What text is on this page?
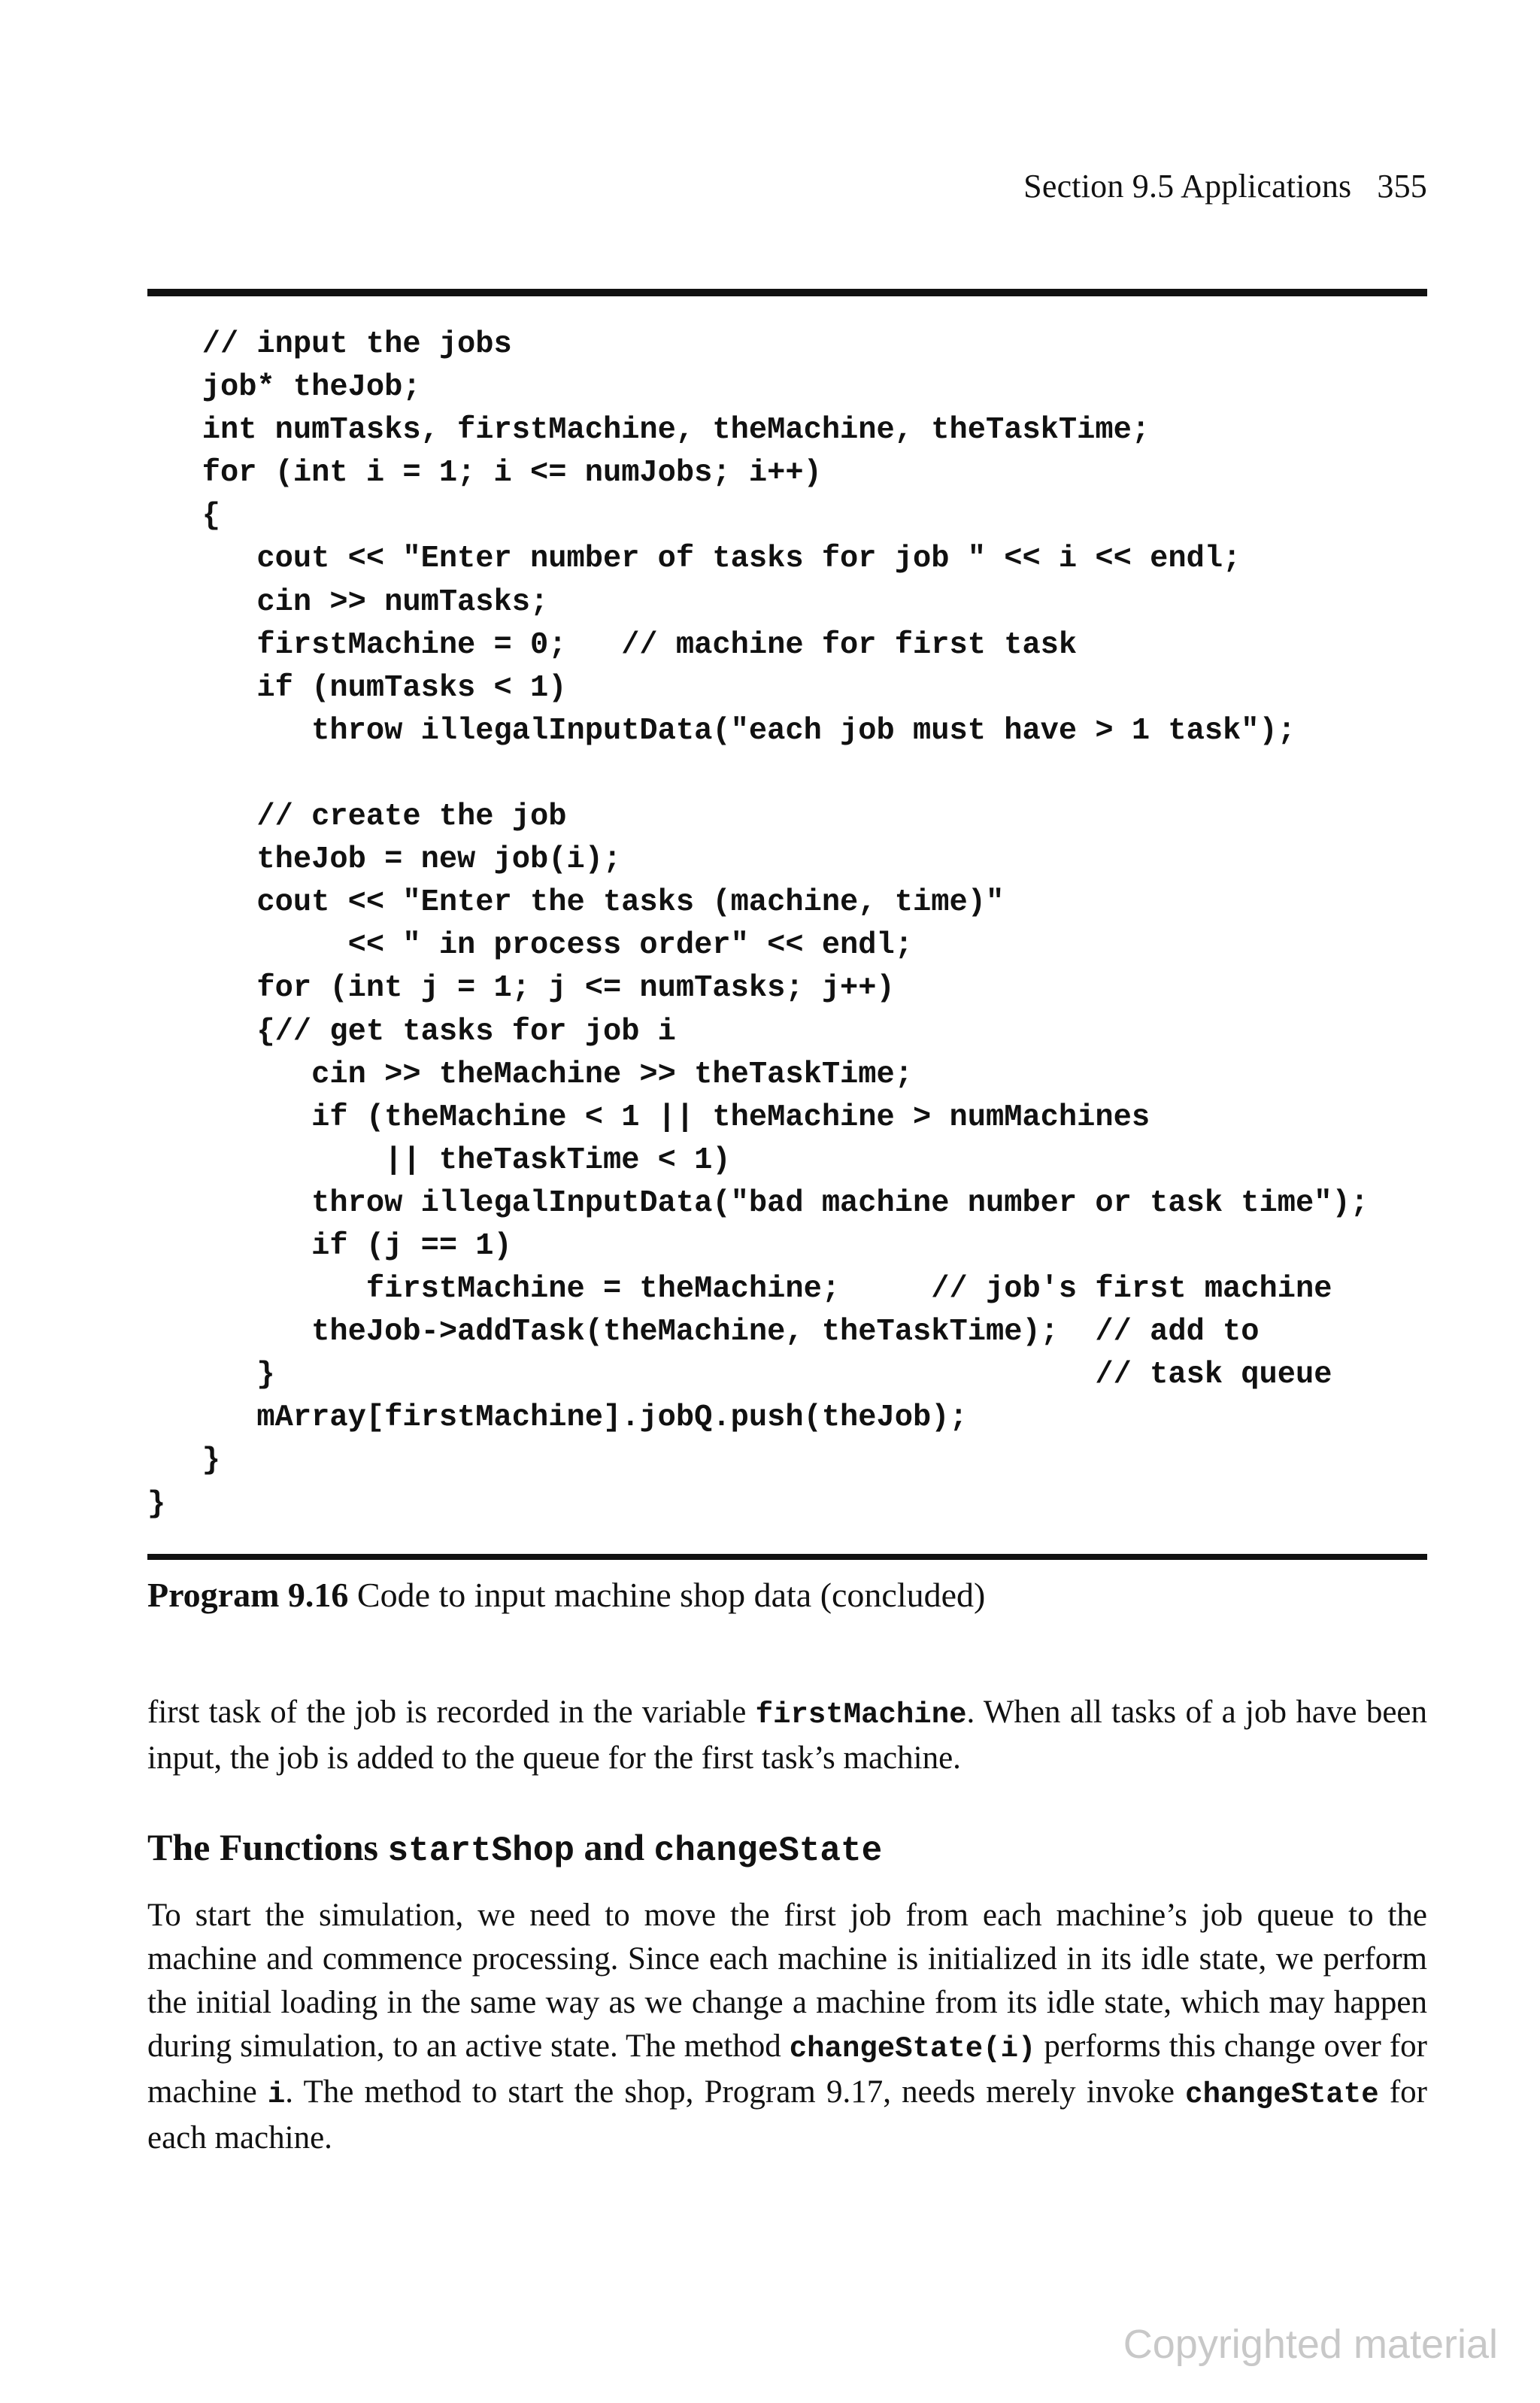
Section 9.5 Applications 355
// input the jobs
job* theJob;
int numTasks, firstMachine, theMachine, theTaskTime;
for (int i = 1; i <= numJobs; i++)
{
cout << "Enter number of tasks for job " << i << endl;
cin >> numTasks;
firstMachine = 0;   // machine for first task
if (numTasks < 1)
throw illegalInputData("each job must have > 1 task");
// create the job
theJob = new job(i);
cout << "Enter the tasks (machine, time)"
<< " in process order" << endl;
for (int j = 1; j <= numTasks; j++)
{// get tasks for job i
cin >> theMachine >> theTaskTime;
if (theMachine < 1 || theMachine > numMachines
|| theTaskTime < 1)
throw illegalInputData("bad machine number or task time");
if (j == 1)
firstMachine = theMachine;     // job's first machine
theJob->addTask(theMachine, theTaskTime);  // add to
}                                             // task queue
mArray[firstMachine].jobQ.push(theJob);
}
}
Program 9.16 Code to input machine shop data (concluded)
first task of the job is recorded in the variable firstMachine. When all tasks of a job have been input, the job is added to the queue for the first task’s machine.
The Functions startShop and changeState
To start the simulation, we need to move the first job from each machine’s job queue to the machine and commence processing. Since each machine is initialized in its idle state, we perform the initial loading in the same way as we change a machine from its idle state, which may happen during simulation, to an active state. The method changeState(i) performs this change over for machine i. The method to start the shop, Program 9.17, needs merely invoke changeState for each machine.
Copyrighted material
